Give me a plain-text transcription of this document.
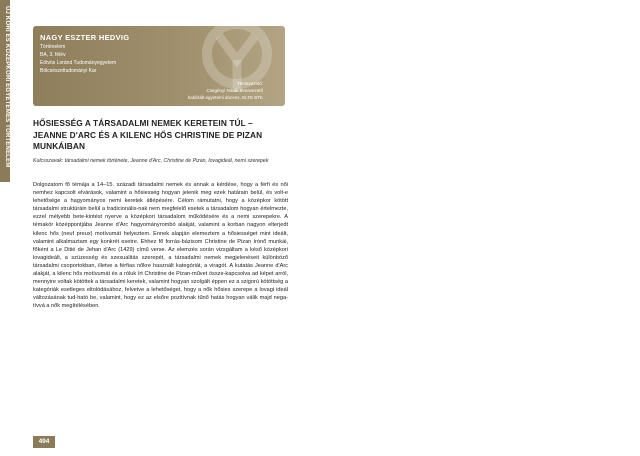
ÚJ KORI ÉS KÖZÉPKORI EGYETEMES TÖRTÉNELEM	NAGY ESZTER HEDVIG
Történelem
BA, 3. félév
Eötvös Loránd Tudományegyetem
Bölcsészettudományi Kar
Témavezető:
Csegényi Nórák témavezető
habilitált egyetemi docens, ELTE BTK
HŐSIESSÉG A TÁRSADALMI NEMEK KERETEIN TÚL – JEANNE D'ARC ÉS A KILENC HŐS CHRISTINE DE PIZAN MUNKÁIBAN
Kulcsszavak: társadalmi nemek története, Jeanne d'Arc, Christine de Pizan, lovagideál, nemi szerepek
Dolgozatom fő témája a 14–15. századi társadalmi nemek és annak a kérdése, hogy a férfi és női nemhez kapcsolt elvárások, valamint a hősiesség hogyan jelenik meg ezek határain belül, és volt-e lehetősége a hagyományos nemi keretek átlépésére. Célom rámutatni, hogy a középkor kötött társadalmi struktúráin belül a tradicionális-nak nem megfelelő esetek a társadalom hogyan értelmezte, ezzel mélyebb bete-kintést nyerve a középkori társadalom működésére és a nemi szerepekre. A témakör középpontjába Jeanne d'Arc hagyományrombó alakját, valamint a korban nagyon elterjedt kilenc hős (neuf preux) motívumát helyeztem. Ennek alapján elemeztem a hősiességet mint ideált, valamint alkalmaztam egy konkrét esetre. Ehhez fő forrás-bázisom Christine de Pizan írónő munkái, főként a Le Ditié de Jehan d'Arc (1429) című verse. Az elemzés során vizsgáltam a késő középkori lovagideált, a szüzesség és szexualitás szerepét, a társadalmi nemek megjelenéseit különböző társadalmi csoportokban, illetve a férfias nőkre használt kategóriát, a viragót. A kutatás Jeanne d'Arc alakját, a kilenc hős motívumát és a róluk írt Christine de Pizan-művet össze-kapcsolva ad képet arról, mennyire voltak kötöttek a társadalmi keretek, valamint hogyan szolgált éppen ez a szigorú kötöttség a kategóriák esetleges eltolódásához, felvetve a lehetőséget, hogy a nők hősies szerepe a lovagi ideál változásának tud-ható be, valamint, hogy ez az elsőre pozitívnak tűnő hatás hogyan válik majd nega-tívvá a nők megítélésében.
494
